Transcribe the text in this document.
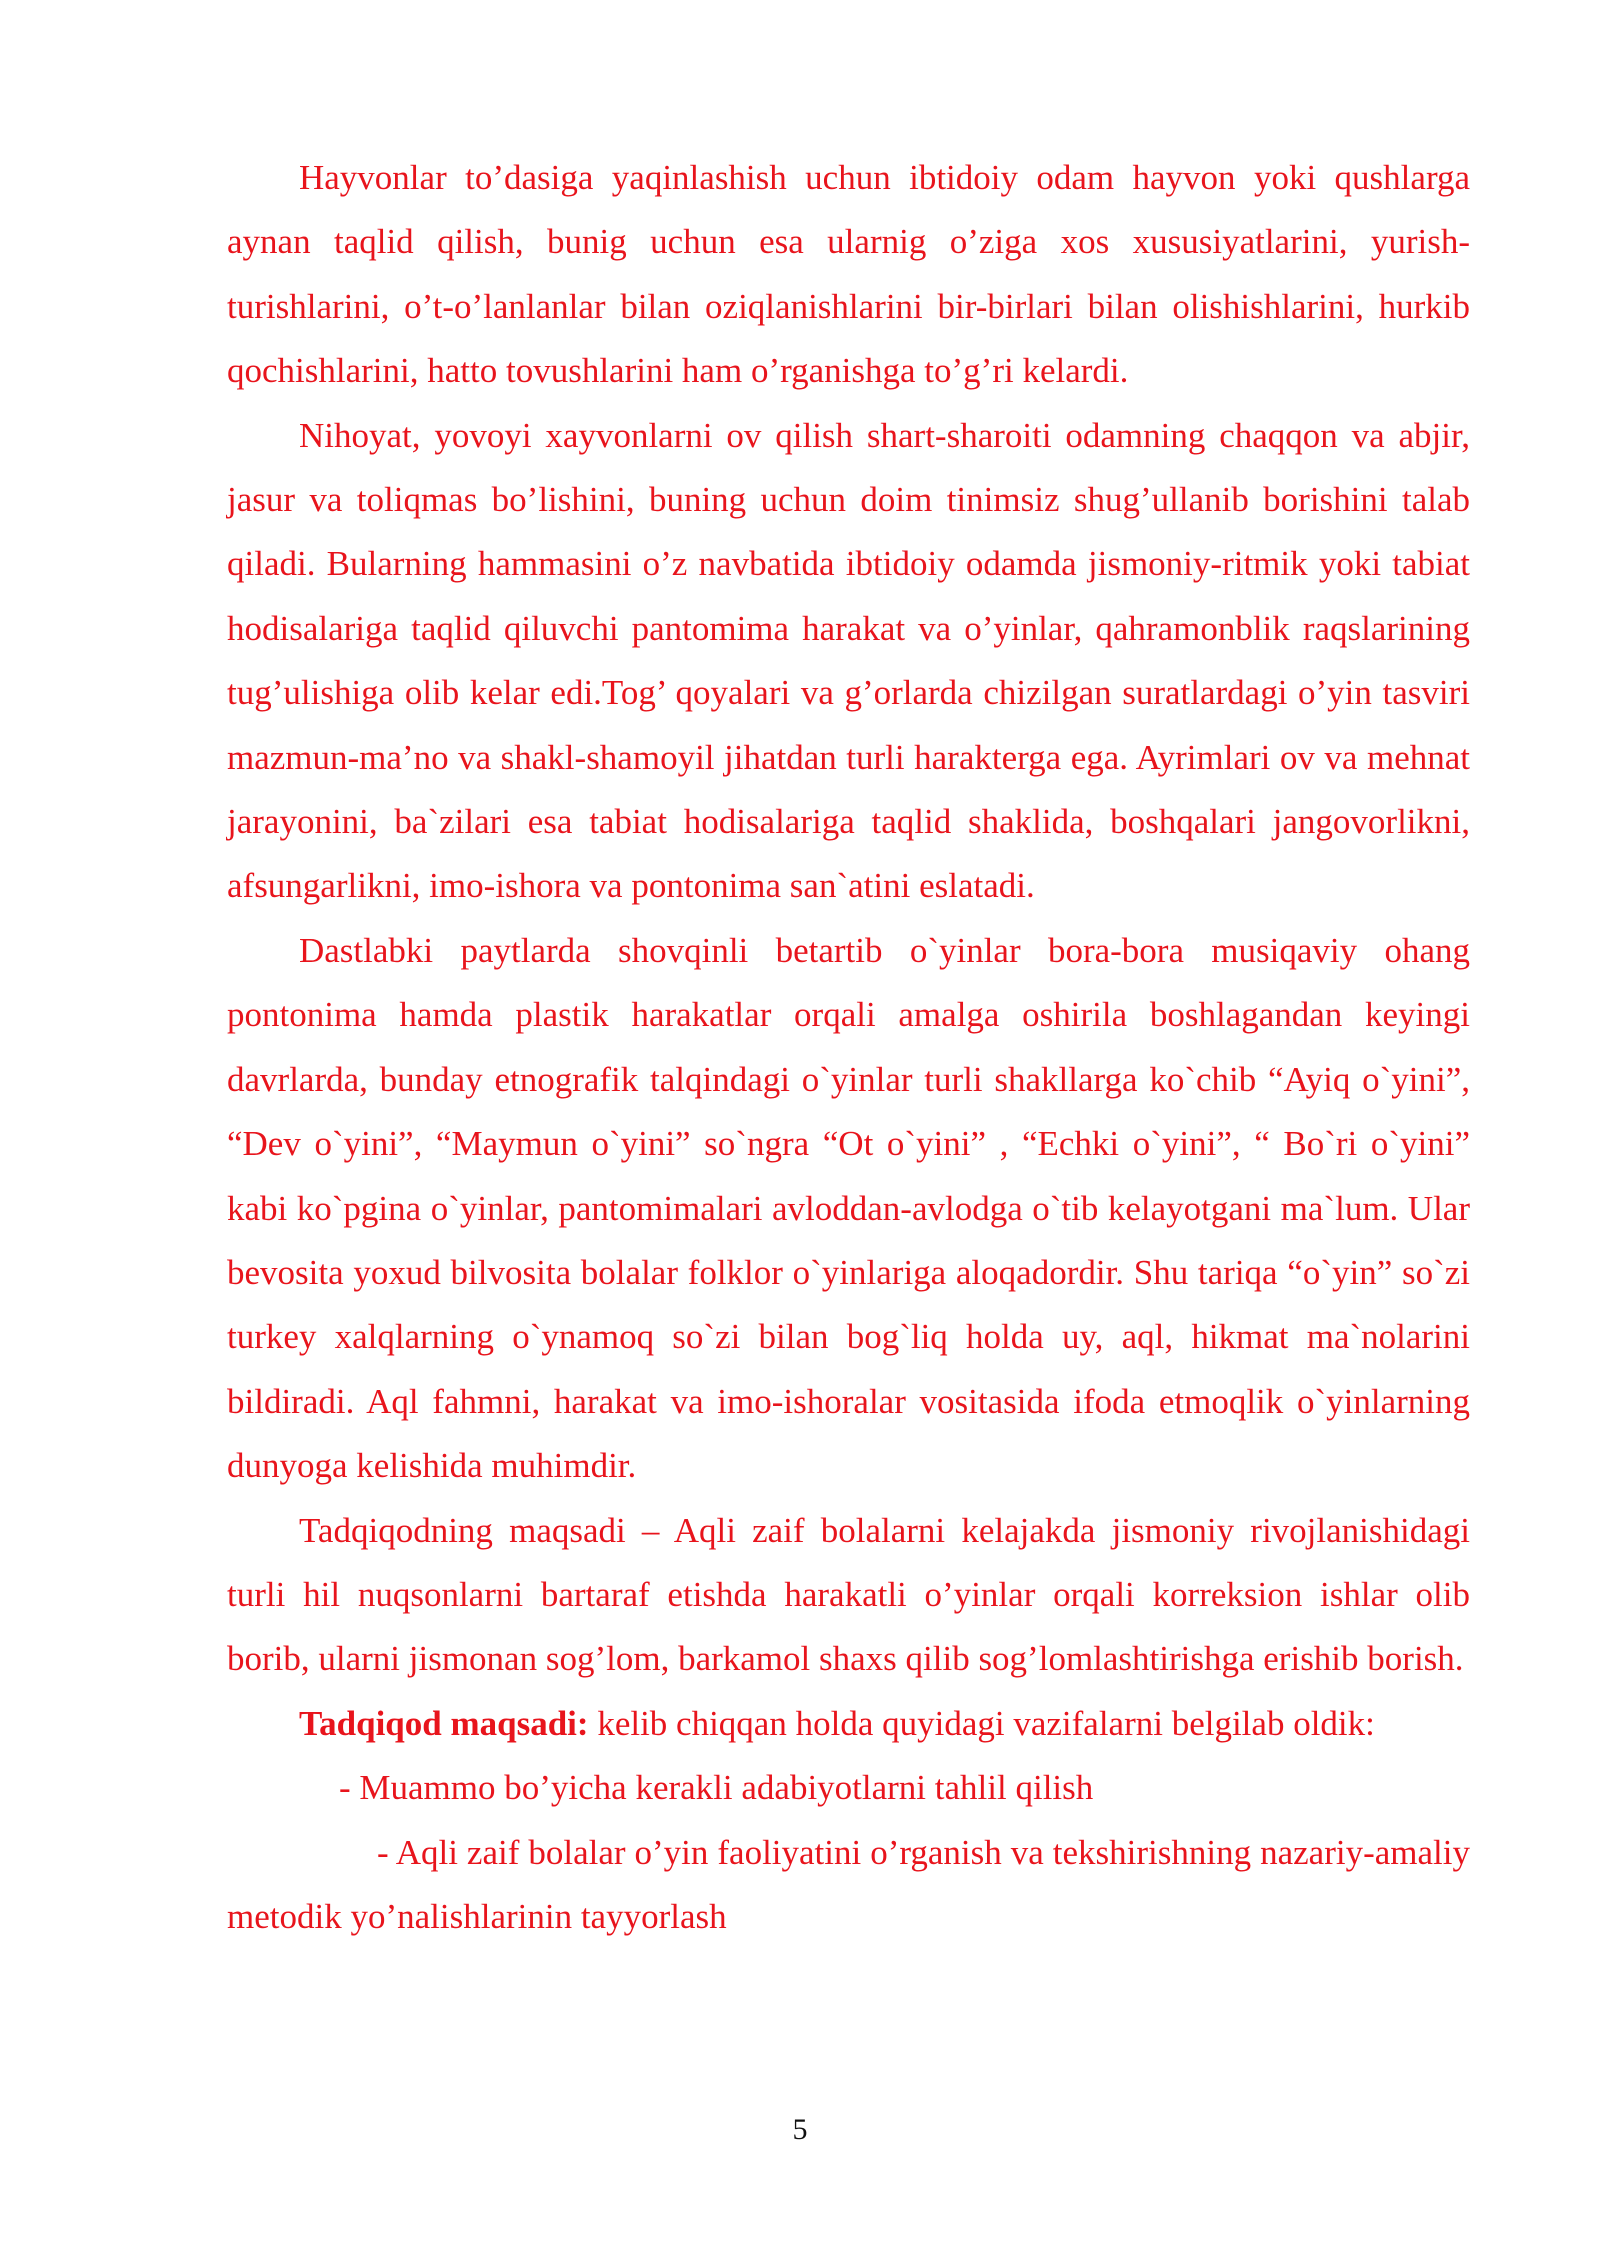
Hayvonlar to’dasiga yaqinlashish uchun ibtidoiy odam hayvon yoki qushlarga aynan taqlid qilish, bunig uchun esa ularnig o’ziga xos xususiyatlarini, yurish-turishlarini, o’t-o’lanlanlar bilan oziqlanishlarini bir-birlari bilan olishishlarini, hurkib qochishlarini, hatto tovushlarini ham o’rganishga to’g’ri kelardi.

Nihoyat, yovoyi xayvonlarni ov qilish shart-sharoiti odamning chaqqon va abjir, jasur va toliqmas bo’lishini, buning uchun doim tinimsiz shug’ullanib borishini talab qiladi. Bularning hammasini o’z navbatida ibtidoiy odamda jismoniy-ritmik yoki tabiat hodisalariga taqlid qiluvchi pantomima harakat va o’yinlar, qahramonblik raqslarining tug’ulishiga olib kelar edi.Tog’ qoyalari va g’orlarda chizilgan suratlardagi o’yin tasviri mazmun-ma’no va shakl-shamoyil jihatdan turli harakterga ega. Ayrimlari ov va mehnat jarayonini, ba`zilari esa tabiat hodisalariga taqlid shaklida, boshqalari jangovorlikni, afsungarlikni, imo-ishora va pontonima san`atini eslatadi.

Dastlabki paytlarda shovqinli betartib o`yinlar bora-bora musiqaviy ohang pontonima hamda plastik harakatlar orqali amalga oshirila boshlagandan keyingi davrlarda, bunday etnografik talqindagi o`yinlar turli shakllarga ko`chib “Ayiq o`yini”, “Dev o`yini”, “Maymun o`yini” so`ngra “Ot o`yini” , “Echki o`yini”, “ Bo`ri o`yini” kabi ko`pgina o`yinlar, pantomimalari avloddan-avlodga o`tib kelayotgani ma`lum. Ular bevosita yoxud bilvosita bolalar folklor o`yinlariga aloqadordir. Shu tariqa “o`yin” so`zi turkey xalqlarning o`ynamoq so`zi bilan bog`liq holda uy, aql, hikmat ma`nolarini bildiradi. Aql fahmni, harakat va imo-ishoralar vositasida ifoda etmoqlik o`yinlarning dunyoga kelishida muhimdir.

Tadqiqodning maqsadi – Aqli zaif bolalarni kelajakda jismoniy rivojlanishidagi turli hil nuqsonlarni bartaraf etishda harakatli o’yinlar orqali korreksion ishlar olib borib, ularni jismonan sog’lom, barkamol shaxs qilib sog’lomlashtirishga erishib borish.

Tadqiqod maqsadi: kelib chiqqan holda quyidagi vazifalarni belgilab oldik:

- Muammo bo’yicha kerakli adabiyotlarni tahlil qilish

- Aqli zaif bolalar o’yin faoliyatini o’rganish va tekshirishning nazariy-amaliy metodik yo’nalishlarinin tayyorlash

5
